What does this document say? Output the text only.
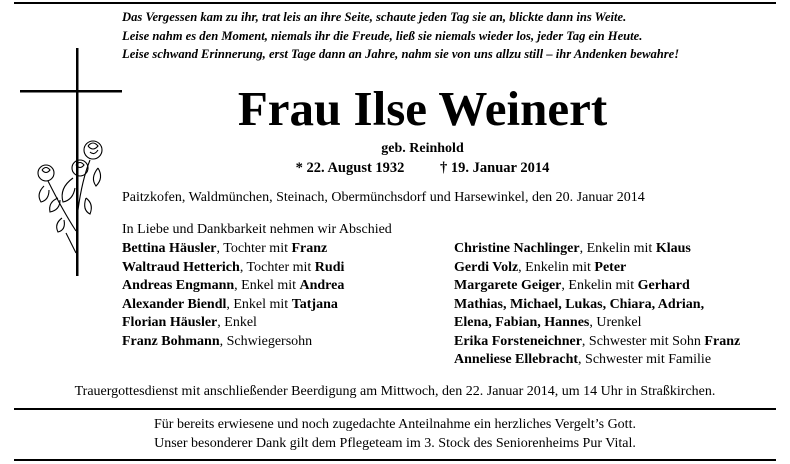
Das Vergessen kam zu ihr, trat leis an ihre Seite, schaute jeden Tag sie an, blickte dann ins Weite.
Leise nahm es den Moment, niemals ihr die Freude, ließ sie niemals wieder los, jeder Tag ein Heute.
Leise schwand Erinnerung, erst Tage dann an Jahre, nahm sie von uns allzu still – ihr Andenken bewahre!
Frau Ilse Weinert
geb. Reinhold
* 22. August 1932 † 19. Januar 2014
Paitzkofen, Waldmünchen, Steinach, Obermünchsdorf und Harsewinkel, den 20. Januar 2014
In Liebe und Dankbarkeit nehmen wir Abschied
Bettina Häusler, Tochter mit Franz
Waltraud Hetterich, Tochter mit Rudi
Andreas Engmann, Enkel mit Andrea
Alexander Biendl, Enkel mit Tatjana
Florian Häusler, Enkel
Franz Bohmann, Schwiegersohn
Christine Nachlinger, Enkelin mit Klaus
Gerdi Volz, Enkelin mit Peter
Margarete Geiger, Enkelin mit Gerhard
Mathias, Michael, Lukas, Chiara, Adrian,
Elena, Fabian, Hannes, Urenkel
Erika Forsteneichner, Schwester mit Sohn Franz
Anneliese Ellebracht, Schwester mit Familie
Trauergottesdienst mit anschließender Beerdigung am Mittwoch, den 22. Januar 2014, um 14 Uhr in Straßkirchen.
Für bereits erwiesene und noch zugedachte Anteilnahme ein herzliches Vergelt’s Gott.
Unser besonderer Dank gilt dem Pflegeteam im 3. Stock des Seniorenheims Pur Vital.
